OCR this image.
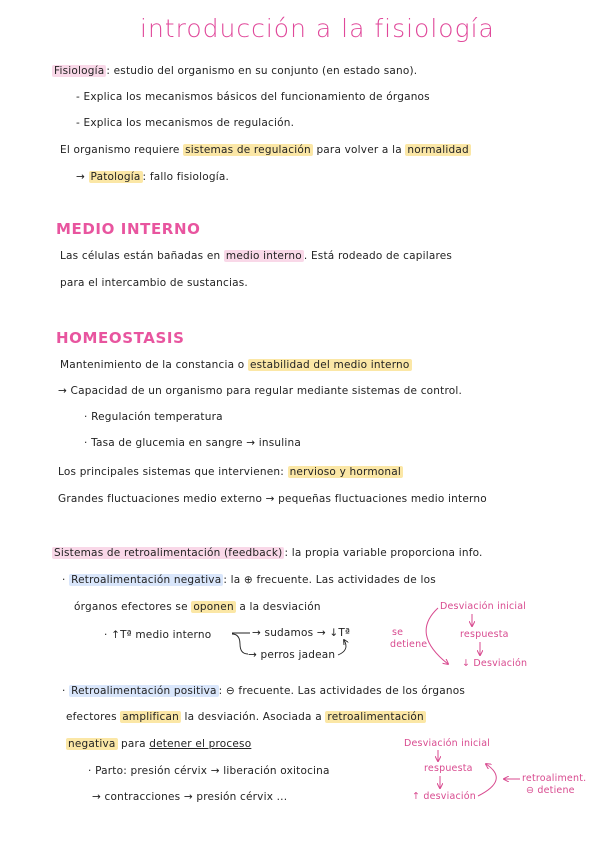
introducción a la fisiología
Fisiología : estudio del organismo en su conjunto (en estado sano).
- Explica los mecanismos básicos del funcionamiento de órganos
- Explica los mecanismos de regulación.
El organismo requiere sistemas de regulación para volver a la normalidad
→ Patología : fallo fisiología.
MEDIO INTERNO
Las células están bañadas en medio interno . Está rodeado de capilares
para el intercambio de sustancias.
HOMEOSTASIS
Mantenimiento de la constancia o estabilidad del medio interno
→ Capacidad de un organismo para regular mediante sistemas de control.
· Regulación temperatura
· Tasa de glucemia en sangre → insulina
Los principales sistemas que intervienen: nervioso y hormonal
Grandes fluctuaciones medio externo → pequeñas fluctuaciones medio interno
Sistemas de retroalimentación (feedback) : la propia variable proporciona info.
· Retroalimentación negativa : la ⊕ frecuente. Las actividades de los
órganos efectores se oponen a la desviación
· ↑Tª medio interno	→ sudamos → ↓Tª
→ perros jadean
Desviación inicial
respuesta
↓ Desviación
se
detiene
· Retroalimentación positiva : ⊖ frecuente. Las actividades de los órganos
efectores amplifican la desviación. Asociada a retroalimentación
negativa para detener el proceso
· Parto: presión cérvix → liberación oxitocina
→ contracciones → presión cérvix ...
Desviación inicial
respuesta
↑ desviación
retroaliment.
⊖ detiene
